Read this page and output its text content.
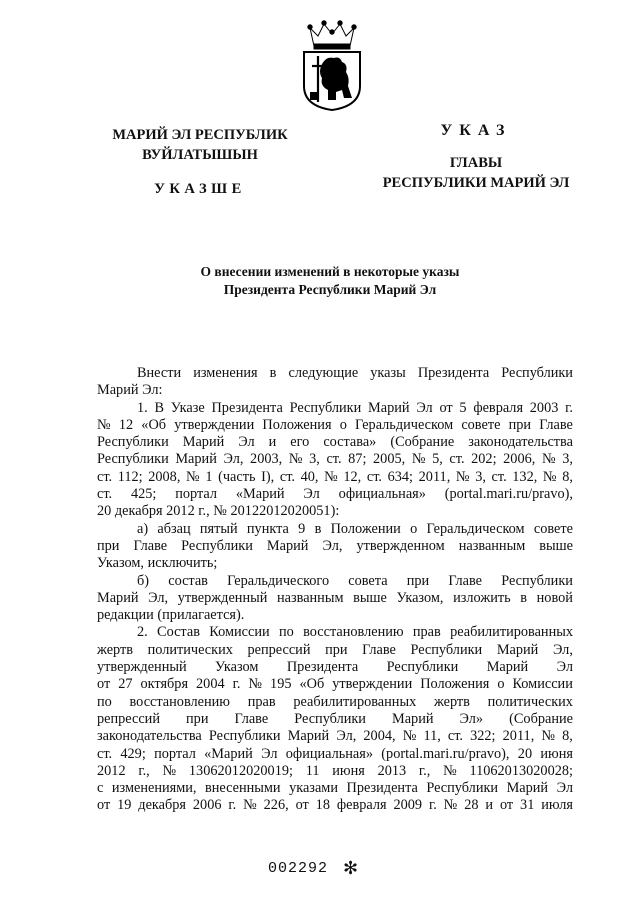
МАРИЙ ЭЛ РЕСПУБЛИК
ВУЙЛАТЫШЫН
УКАЗШЕ
УКАЗ
ГЛАВЫ
РЕСПУБЛИКИ МАРИЙ ЭЛ
О внесении изменений в некоторые указы
Президента Республики Марий Эл
Внести изменения в следующие указы Президента Республики
Марий Эл:
1. В Указе Президента Республики Марий Эл от 5 февраля 2003 г.
№ 12 «Об утверждении Положения о Геральдическом совете при Главе
Республики Марий Эл и его состава» (Собрание законодательства
Республики Марий Эл, 2003, № 3, ст. 87; 2005, № 5, ст. 202; 2006, № 3,
ст. 112; 2008, № 1 (часть I), ст. 40, № 12, ст. 634; 2011, № 3, ст. 132, № 8,
ст. 425; портал «Марий Эл официальная» (portal.mari.ru/pravo),
20 декабря 2012 г., № 20122012020051):
а) абзац пятый пункта 9 в Положении о Геральдическом совете
при Главе Республики Марий Эл, утвержденном названным выше
Указом, исключить;
б) состав Геральдического совета при Главе Республики
Марий Эл, утвержденный названным выше Указом, изложить в новой
редакции (прилагается).
2. Состав Комиссии по восстановлению прав реабилитированных
жертв политических репрессий при Главе Республики Марий Эл,
утвержденный Указом Президента Республики Марий Эл
от 27 октября 2004 г. № 195 «Об утверждении Положения о Комиссии
по восстановлению прав реабилитированных жертв политических
репрессий при Главе Республики Марий Эл» (Собрание
законодательства Республики Марий Эл, 2004, № 11, ст. 322; 2011, № 8,
ст. 429; портал «Марий Эл официальная» (portal.mari.ru/pravo), 20 июня
2012 г., № 13062012020019; 11 июня 2013 г., № 11062013020028;
с изменениями, внесенными указами Президента Республики Марий Эл
от 19 декабря 2006 г. № 226, от 18 февраля 2009 г. № 28 и от 31 июля
002292 ✻
